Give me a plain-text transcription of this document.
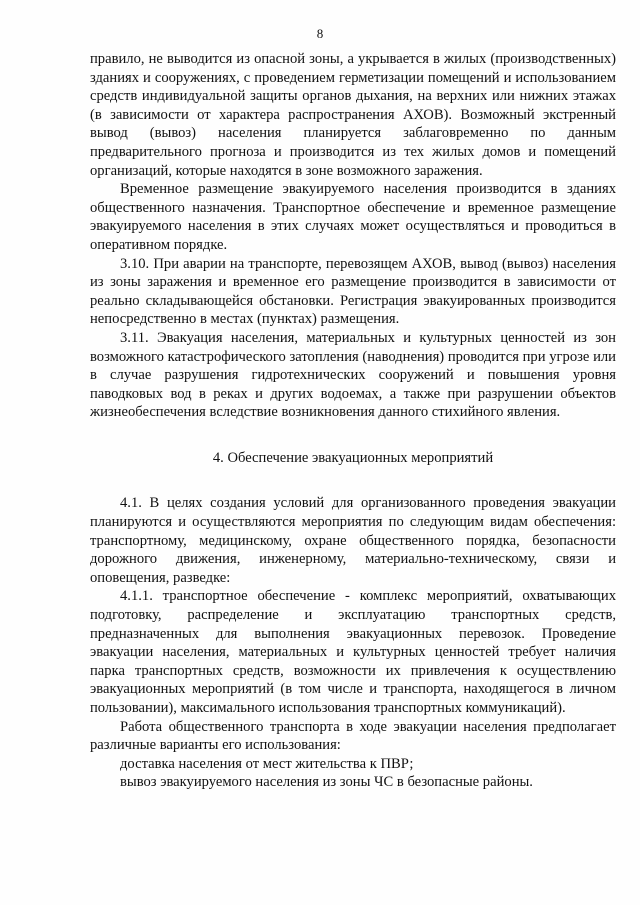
8

правило, не выводится из опасной зоны, а укрывается в жилых (производственных) зданиях и сооружениях, с проведением герметизации помещений и использованием средств индивидуальной защиты органов дыхания, на верхних или нижних этажах (в зависимости от характера распространения АХОВ). Возможный экстренный вывод (вывоз) населения планируется заблаговременно по данным предварительного прогноза и производится из тех жилых домов и помещений организаций, которые находятся в зоне возможного заражения.

Временное размещение эвакуируемого населения производится в зданиях общественного назначения. Транспортное обеспечение и временное размещение эвакуируемого населения в этих случаях может осуществляться и проводиться в оперативном порядке.

3.10. При аварии на транспорте, перевозящем АХОВ, вывод (вывоз) населения из зоны заражения и временное его размещение производится в зависимости от реально складывающейся обстановки. Регистрация эвакуированных производится непосредственно в местах (пунктах) размещения.

3.11. Эвакуация населения, материальных и культурных ценностей из зон возможного катастрофического затопления (наводнения) проводится при угрозе или в случае разрушения гидротехнических сооружений и повышения уровня паводковых вод в реках и других водоемах, а также при разрушении объектов жизнеобеспечения вследствие возникновения данного стихийного явления.

4. Обеспечение эвакуационных мероприятий

4.1. В целях создания условий для организованного проведения эвакуации планируются и осуществляются мероприятия по следующим видам обеспечения: транспортному, медицинскому, охране общественного порядка, безопасности дорожного движения, инженерному, материально-техническому, связи и оповещения, разведке:

4.1.1. транспортное обеспечение - комплекс мероприятий, охватывающих подготовку, распределение и эксплуатацию транспортных средств, предназначенных для выполнения эвакуационных перевозок. Проведение эвакуации населения, материальных и культурных ценностей требует наличия парка транспортных средств, возможности их привлечения к осуществлению эвакуационных мероприятий (в том числе и транспорта, находящегося в личном пользовании), максимального использования транспортных коммуникаций).

Работа общественного транспорта в ходе эвакуации населения предполагает различные варианты его использования:

доставка населения от мест жительства к ПВР;

вывоз эвакуируемого населения из зоны ЧС в безопасные районы.
